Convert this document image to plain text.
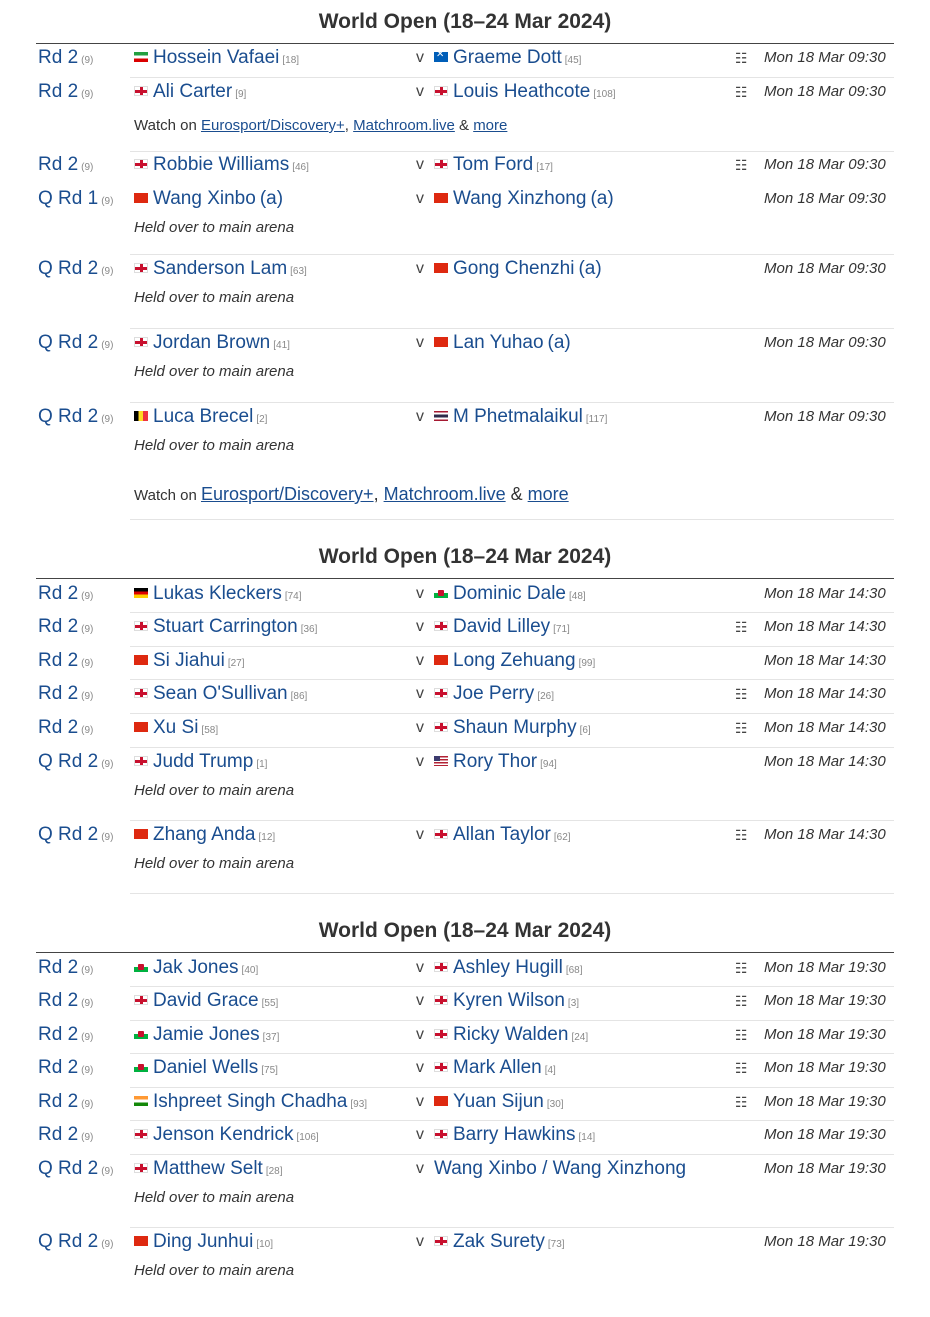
World Open (18–24 Mar 2024)
World Open (18–24 Mar 2024)
World Open (18–24 Mar 2024)
Rd 2 (9)	Hossein Vafaei [18]	v
✕	Graeme Dott [45]	☷ Mon 18 Mar 09:30
Rd 2 (9)	Ali Carter [9]	v	Louis Heathcote [108]	☷ Mon 18 Mar 09:30
Rd 2 (9)	Robbie Williams [46]	v	Tom Ford [17]	☷ Mon 18 Mar 09:30
Q Rd 1 (9)	Wang Xinbo (a)	v	Wang Xinzhong (a)	Mon 18 Mar 09:30
Held over to main arena
Q Rd 2 (9)	Sanderson Lam [63]	v	Gong Chenzhi (a)	Mon 18 Mar 09:30
Held over to main arena
Q Rd 2 (9)	Jordan Brown [41]	v	Lan Yuhao (a)	Mon 18 Mar 09:30
Held over to main arena
Q Rd 2 (9)	Luca Brecel [2]	v	M Phetmalaikul [117]	Mon 18 Mar 09:30
Held over to main arena
Rd 2 (9)	Lukas Kleckers [74]	v	Dominic Dale [48]	Mon 18 Mar 14:30
Rd 2 (9)	Stuart Carrington [36]	v	David Lilley [71]	☷ Mon 18 Mar 14:30
Rd 2 (9)	Si Jiahui [27]	v	Long Zehuang [99]	Mon 18 Mar 14:30
Rd 2 (9)	Sean O'Sullivan [86]	v	Joe Perry [26]	☷ Mon 18 Mar 14:30
Rd 2 (9)	Xu Si [58]	v	Shaun Murphy [6]	☷ Mon 18 Mar 14:30
Q Rd 2 (9)	Judd Trump [1]	v	Rory Thor [94]	Mon 18 Mar 14:30
Held over to main arena
Q Rd 2 (9)	Zhang Anda [12]	v	Allan Taylor [62]	☷ Mon 18 Mar 14:30
Held over to main arena
Rd 2 (9)	Jak Jones [40]	v	Ashley Hugill [68]	☷ Mon 18 Mar 19:30
Rd 2 (9)	David Grace [55]	v	Kyren Wilson [3]	☷ Mon 18 Mar 19:30
Rd 2 (9)	Jamie Jones [37]	v	Ricky Walden [24]	☷ Mon 18 Mar 19:30
Rd 2 (9)	Daniel Wells [75]	v	Mark Allen [4]	☷ Mon 18 Mar 19:30
Rd 2 (9)	Ishpreet Singh Chadha [93]	v	Yuan Sijun [30]	☷ Mon 18 Mar 19:30
Rd 2 (9)	Jenson Kendrick [106]	v	Barry Hawkins [14]	Mon 18 Mar 19:30
Q Rd 2 (9)	Matthew Selt [28]	v Wang Xinbo / Wang Xinzhong	Mon 18 Mar 19:30
Held over to main arena
Q Rd 2 (9)	Ding Junhui [10]	v	Zak Surety [73]	Mon 18 Mar 19:30
Held over to main arena
Watch on Eurosport/Discovery+, Matchroom.live & more
Watch on Eurosport/Discovery+, Matchroom.live & more
